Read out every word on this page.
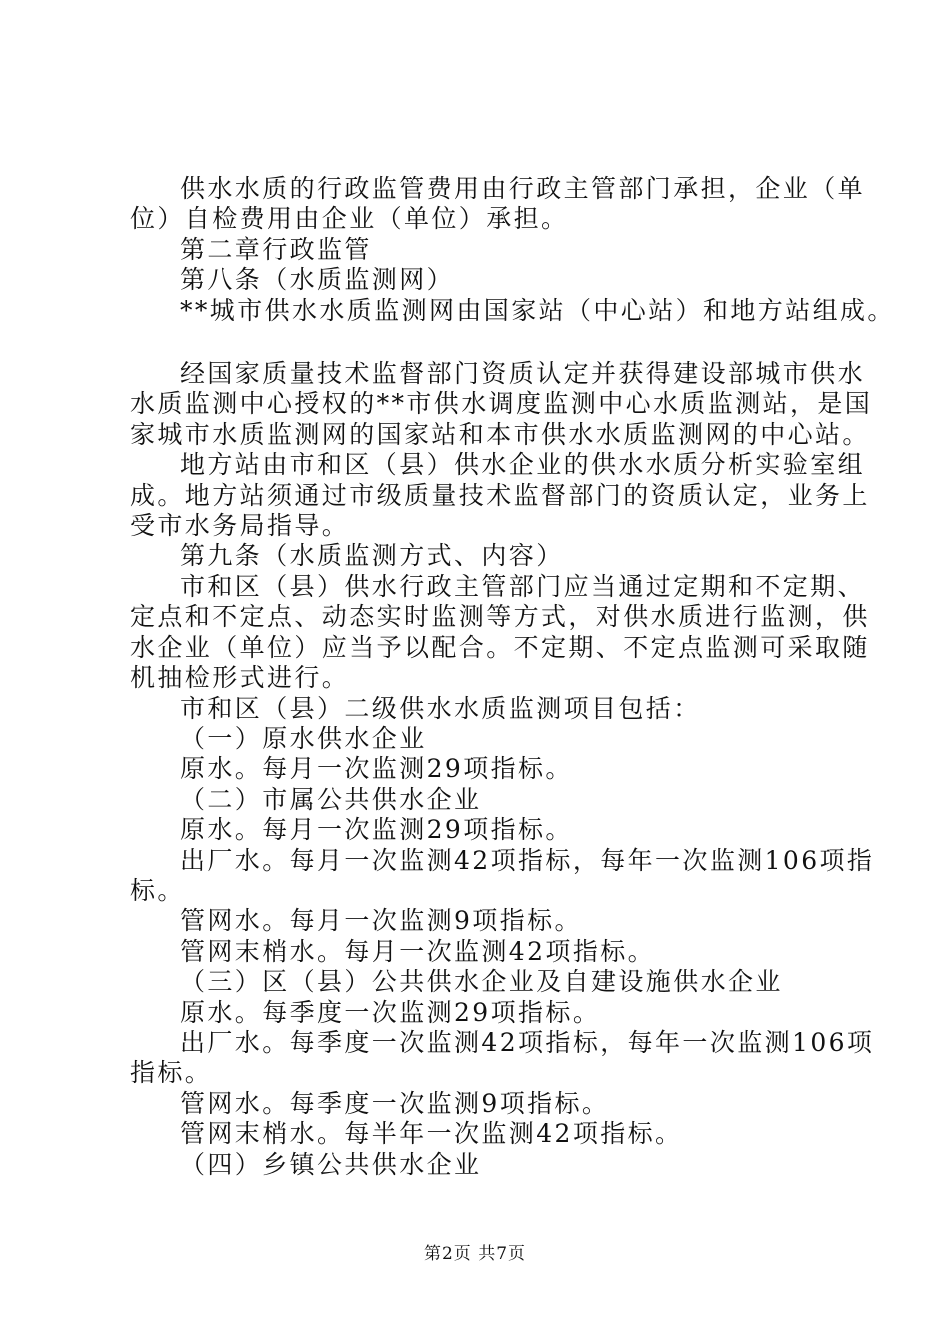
供水水质的行政监管费用由行政主管部门承担，企业（单
位）自检费用由企业（单位）承担。
第二章行政监管
第八条（水质监测网）
**城市供水水质监测网由国家站（中心站）和地方站组成。
经国家质量技术监督部门资质认定并获得建设部城市供水
水质监测中心授权的**市供水调度监测中心水质监测站，是国
家城市水质监测网的国家站和本市供水水质监测网的中心站。
地方站由市和区（县）供水企业的供水水质分析实验室组
成。地方站须通过市级质量技术监督部门的资质认定，业务上
受市水务局指导。
第九条（水质监测方式、内容）
市和区（县）供水行政主管部门应当通过定期和不定期、
定点和不定点、动态实时监测等方式，对供水质进行监测，供
水企业（单位）应当予以配合。不定期、不定点监测可采取随
机抽检形式进行。
市和区（县）二级供水水质监测项目包括：
（一）原水供水企业
原水。每月一次监测29项指标。
（二）市属公共供水企业
原水。每月一次监测29项指标。
出厂水。每月一次监测42项指标，每年一次监测106项指
标。
管网水。每月一次监测9项指标。
管网末梢水。每月一次监测42项指标。
（三）区（县）公共供水企业及自建设施供水企业
原水。每季度一次监测29项指标。
出厂水。每季度一次监测42项指标，每年一次监测106项
指标。
管网水。每季度一次监测9项指标。
管网末梢水。每半年一次监测42项指标。
（四）乡镇公共供水企业
第2页 共7页
